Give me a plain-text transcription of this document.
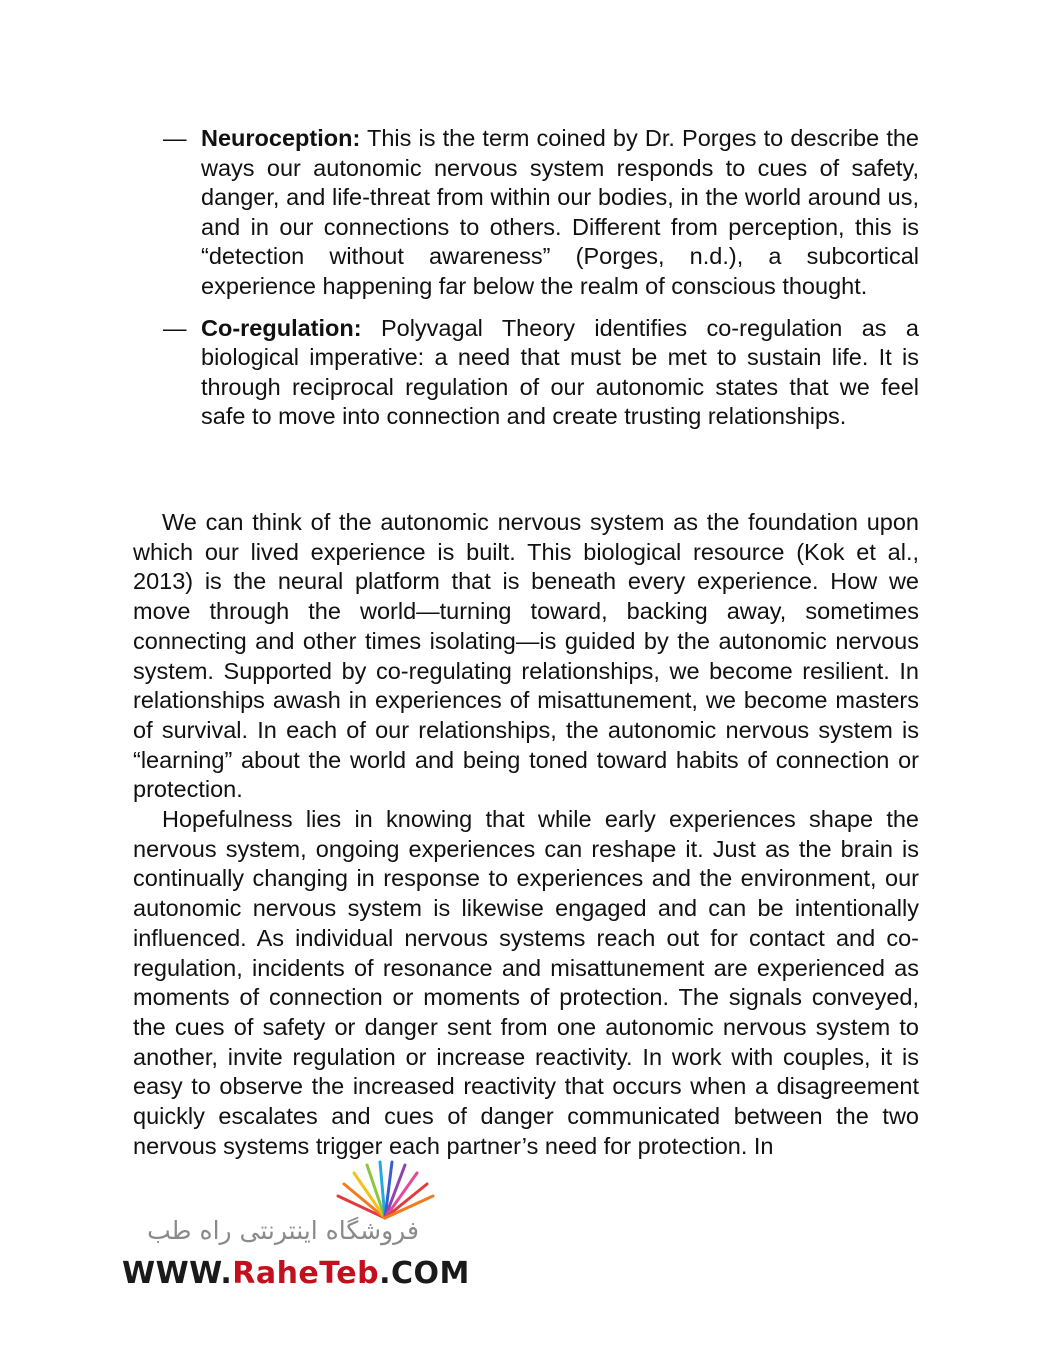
— Neuroception: This is the term coined by Dr. Porges to describe the ways our autonomic nervous system responds to cues of safety, danger, and life-threat from within our bodies, in the world around us, and in our connections to others. Different from perception, this is “detection without awareness” (Porges, n.d.), a subcortical experience happening far below the realm of conscious thought.
— Co-regulation: Polyvagal Theory identifies co-regulation as a biological imperative: a need that must be met to sustain life. It is through reciprocal regulation of our autonomic states that we feel safe to move into connection and create trusting relationships.

We can think of the autonomic nervous system as the foundation upon which our lived experience is built. This biological resource (Kok et al., 2013) is the neural platform that is beneath every experience. How we move through the world—turning toward, backing away, sometimes connecting and other times isolating—is guided by the autonomic nervous system. Supported by co-regulating relationships, we become resilient. In relationships awash in experiences of misattunement, we become masters of survival. In each of our relationships, the autonomic nervous system is “learning” about the world and being toned toward habits of connection or protection.

Hopefulness lies in knowing that while early experiences shape the nervous system, ongoing experiences can reshape it. Just as the brain is continually changing in response to experiences and the environment, our autonomic nervous system is likewise engaged and can be intentionally influenced. As individual nervous systems reach out for contact and co-regulation, incidents of resonance and misattunement are experienced as moments of connection or moments of protection. The signals conveyed, the cues of safety or danger sent from one autonomic nervous system to another, invite regulation or increase reactivity. In work with couples, it is easy to observe the increased reactivity that occurs when a disagreement quickly escalates and cues of danger communicated between the two nervous systems trigger each partner’s need for protection. In

فروشگاه اینترنتی راه طب
WWW.RaheTeb.COM
